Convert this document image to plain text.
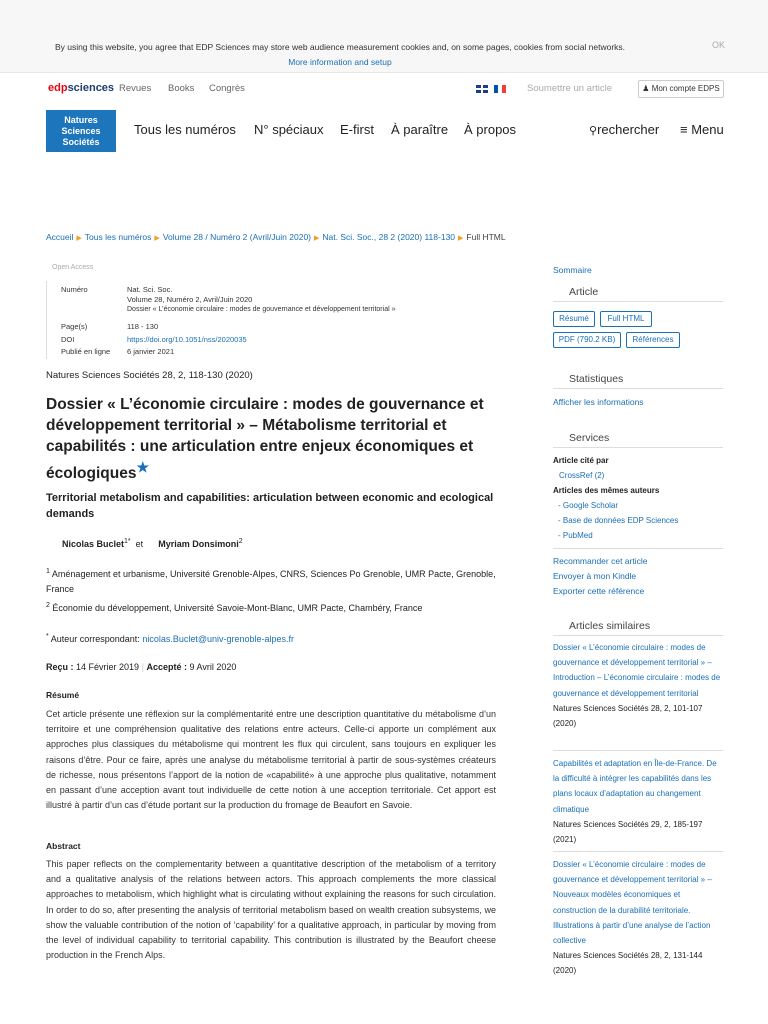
By using this website, you agree that EDP Sciences may store web audience measurement cookies and, on some pages, cookies from social networks. More information and setup
OK
edpsciences Revues Books Congrès	Soumettre un article	♟ Mon compte EDPS
Natures
Sciences
Sociétés
Tous les numéros N° spéciaux E-first À paraître À propos	⚲rechercher ≡ Menu
Accueil ▶ Tous les numéros ▶ Volume 28 / Numéro 2 (Avril/Juin 2020) ▶ Nat. Sci. Soc., 28 2 (2020) 118-130 ▶ Full HTML
Open Access
Numéro	Nat. Sci. Soc.
Volume 28, Numéro 2, Avril/Juin 2020
Dossier « L’économie circulaire : modes de gouvernance et développement territorial »
Page(s)	118 - 130
DOI	https://doi.org/10.1051/nss/2020035
Publié en ligne 6 janvier 2021
Natures Sciences Sociétés 28, 2, 118-130 (2020)
Dossier « L’économie circulaire : modes de gouvernance et développement territorial » – Métabolisme territorial et capabilités : une articulation entre enjeux économiques et écologiques★
Territorial metabolism and capabilities: articulation between economic and ecological demands
Nicolas Buclet$^{1*}$ et Myriam Donsimoni$^2$
$^1$ Aménagement et urbanisme, Université Grenoble-Alpes, CNRS, Sciences Po Grenoble, UMR Pacte, Grenoble, France
$^2$ Économie du développement, Université Savoie-Mont-Blanc, UMR Pacte, Chambéry, France
* Auteur correspondant: nicolas.Buclet@univ-grenoble-alpes.fr
Reçu : 14 Février 2019 | Accepté : 9 Avril 2020
Résumé
Cet article présente une réflexion sur la complémentarité entre une description quantitative du métabolisme d’un territoire et une compréhension qualitative des relations entre acteurs. Celle-ci apporte un complément aux approches plus classiques du métabolisme qui montrent les flux qui circulent, sans toujours en expliquer les raisons d’être. Pour ce faire, après une analyse du métabolisme territorial à partir de sous-systèmes créateurs de richesse, nous présentons l’apport de la notion de «capabilité» à une approche plus qualitative, notamment en passant d’une acception avant tout individuelle de cette notion à une acception territoriale. Cet apport est illustré à partir d’un cas d’étude portant sur la production du fromage de Beaufort en Savoie.
Abstract
This paper reflects on the complementarity between a quantitative description of the metabolism of a territory and a qualitative analysis of the relations between actors. This approach complements the more classical approaches to metabolism, which highlight what is circulating without explaining the reasons for such circulation. In order to do so, after presenting the analysis of territorial metabolism based on wealth creation subsystems, we show the valuable contribution of the notion of ‘capability’ for a qualitative approach, in particular by moving from the level of individual capability to territorial capability. This contribution is illustrated by the Beaufort cheese production in the French Alps.
Sommaire
Article
Résumé	Full HTML
PDF (790.2 KB)	Références
Statistiques
Afficher les informations
Services
Article cité par
CrossRef (2)
Articles des mêmes auteurs
- Google Scholar
- Base de données EDP Sciences
- PubMed
Recommander cet article
Envoyer à mon Kindle
Exporter cette référence
Articles similaires
Dossier « L’économie circulaire : modes de gouvernance et développement territorial » – Introduction – L’économie circulaire : modes de gouvernance et développement territorial
Natures Sciences Sociétés 28, 2, 101-107 (2020)
Capabilités et adaptation en Île-de-France. De la difficulté à intégrer les capabilités dans les plans locaux d’adaptation au changement climatique
Natures Sciences Sociétés 29, 2, 185-197 (2021)
Dossier « L’économie circulaire : modes de gouvernance et développement territorial » – Nouveaux modèles économiques et construction de la durabilité territoriale. Illustrations à partir d’une analyse de l’action collective
Natures Sciences Sociétés 28, 2, 131-144 (2020)
